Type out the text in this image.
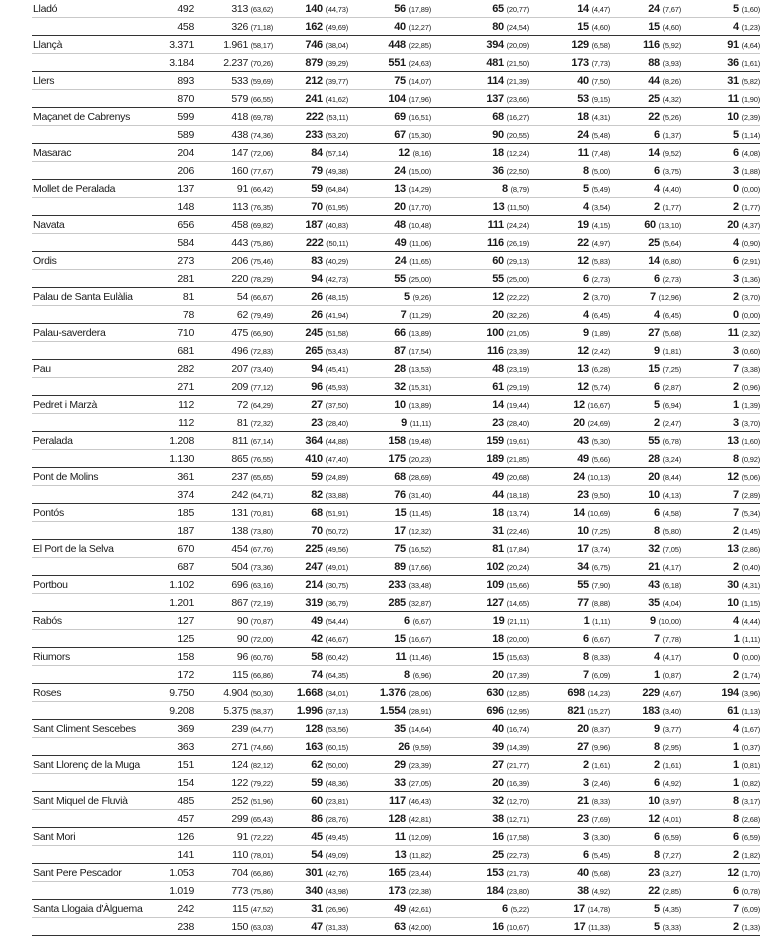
Lladó	492	313 (63,62)	140 (44,73)	56 (17,89)	65 (20,77)	14 (4,47)	24 (7,67)	5 (1,60)
	458	326 (71,18)	162 (49,69)	40 (12,27)	80 (24,54)	15 (4,60)	15 (4,60)	4 (1,23)
Llançà	3.371	1.961 (58,17)	746 (38,04)	448 (22,85)	394 (20,09)	129 (6,58)	116 (5,92)	91 (4,64)
	3.184	2.237 (70,26)	879 (39,29)	551 (24,63)	481 (21,50)	173 (7,73)	88 (3,93)	36 (1,61)
Llers	893	533 (59,69)	212 (39,77)	75 (14,07)	114 (21,39)	40 (7,50)	44 (8,26)	31 (5,82)
	870	579 (66,55)	241 (41,62)	104 (17,96)	137 (23,66)	53 (9,15)	25 (4,32)	11 (1,90)
Maçanet de Cabrenys	599	418 (69,78)	222 (53,11)	69 (16,51)	68 (16,27)	18 (4,31)	22 (5,26)	10 (2,39)
	589	438 (74,36)	233 (53,20)	67 (15,30)	90 (20,55)	24 (5,48)	6 (1,37)	5 (1,14)
Masarac	204	147 (72,06)	84 (57,14)	12 (8,16)	18 (12,24)	11 (7,48)	14 (9,52)	6 (4,08)
	206	160 (77,67)	79 (49,38)	24 (15,00)	36 (22,50)	8 (5,00)	6 (3,75)	3 (1,88)
Mollet de Peralada	137	91 (66,42)	59 (64,84)	13 (14,29)	8 (8,79)	5 (5,49)	4 (4,40)	0 (0,00)
	148	113 (76,35)	70 (61,95)	20 (17,70)	13 (11,50)	4 (3,54)	2 (1,77)	2 (1,77)
Navata	656	458 (69,82)	187 (40,83)	48 (10,48)	111 (24,24)	19 (4,15)	60 (13,10)	20 (4,37)
	584	443 (75,86)	222 (50,11)	49 (11,06)	116 (26,19)	22 (4,97)	25 (5,64)	4 (0,90)
Ordis	273	206 (75,46)	83 (40,29)	24 (11,65)	60 (29,13)	12 (5,83)	14 (6,80)	6 (2,91)
	281	220 (78,29)	94 (42,73)	55 (25,00)	55 (25,00)	6 (2,73)	6 (2,73)	3 (1,36)
Palau de Santa Eulàlia	81	54 (66,67)	26 (48,15)	5 (9,26)	12 (22,22)	2 (3,70)	7 (12,96)	2 (3,70)
	78	62 (79,49)	26 (41,94)	7 (11,29)	20 (32,26)	4 (6,45)	4 (6,45)	0 (0,00)
Palau-saverdera	710	475 (66,90)	245 (51,58)	66 (13,89)	100 (21,05)	9 (1,89)	27 (5,68)	11 (2,32)
	681	496 (72,83)	265 (53,43)	87 (17,54)	116 (23,39)	12 (2,42)	9 (1,81)	3 (0,60)
Pau	282	207 (73,40)	94 (45,41)	28 (13,53)	48 (23,19)	13 (6,28)	15 (7,25)	7 (3,38)
	271	209 (77,12)	96 (45,93)	32 (15,31)	61 (29,19)	12 (5,74)	6 (2,87)	2 (0,96)
Pedret i Marzà	112	72 (64,29)	27 (37,50)	10 (13,89)	14 (19,44)	12 (16,67)	5 (6,94)	1 (1,39)
	112	81 (72,32)	23 (28,40)	9 (11,11)	23 (28,40)	20 (24,69)	2 (2,47)	3 (3,70)
Peralada	1.208	811 (67,14)	364 (44,88)	158 (19,48)	159 (19,61)	43 (5,30)	55 (6,78)	13 (1,60)
	1.130	865 (76,55)	410 (47,40)	175 (20,23)	189 (21,85)	49 (5,66)	28 (3,24)	8 (0,92)
Pont de Molins	361	237 (65,65)	59 (24,89)	68 (28,69)	49 (20,68)	24 (10,13)	20 (8,44)	12 (5,06)
	374	242 (64,71)	82 (33,88)	76 (31,40)	44 (18,18)	23 (9,50)	10 (4,13)	7 (2,89)
Pontós	185	131 (70,81)	68 (51,91)	15 (11,45)	18 (13,74)	14 (10,69)	6 (4,58)	7 (5,34)
	187	138 (73,80)	70 (50,72)	17 (12,32)	31 (22,46)	10 (7,25)	8 (5,80)	2 (1,45)
El Port de la Selva	670	454 (67,76)	225 (49,56)	75 (16,52)	81 (17,84)	17 (3,74)	32 (7,05)	13 (2,86)
	687	504 (73,36)	247 (49,01)	89 (17,66)	102 (20,24)	34 (6,75)	21 (4,17)	2 (0,40)
Portbou	1.102	696 (63,16)	214 (30,75)	233 (33,48)	109 (15,66)	55 (7,90)	43 (6,18)	30 (4,31)
	1.201	867 (72,19)	319 (36,79)	285 (32,87)	127 (14,65)	77 (8,88)	35 (4,04)	10 (1,15)
Rabós	127	90 (70,87)	49 (54,44)	6 (6,67)	19 (21,11)	1 (1,11)	9 (10,00)	4 (4,44)
	125	90 (72,00)	42 (46,67)	15 (16,67)	18 (20,00)	6 (6,67)	7 (7,78)	1 (1,11)
Riumors	158	96 (60,76)	58 (60,42)	11 (11,46)	15 (15,63)	8 (8,33)	4 (4,17)	0 (0,00)
	172	115 (66,86)	74 (64,35)	8 (6,96)	20 (17,39)	7 (6,09)	1 (0,87)	2 (1,74)
Roses	9.750	4.904 (50,30)	1.668 (34,01)	1.376 (28,06)	630 (12,85)	698 (14,23)	229 (4,67)	194 (3,96)
	9.208	5.375 (58,37)	1.996 (37,13)	1.554 (28,91)	696 (12,95)	821 (15,27)	183 (3,40)	61 (1,13)
Sant Climent Sescebes	369	239 (64,77)	128 (53,56)	35 (14,64)	40 (16,74)	20 (8,37)	9 (3,77)	4 (1,67)
	363	271 (74,66)	163 (60,15)	26 (9,59)	39 (14,39)	27 (9,96)	8 (2,95)	1 (0,37)
Sant Llorenç de la Muga	151	124 (82,12)	62 (50,00)	29 (23,39)	27 (21,77)	2 (1,61)	2 (1,61)	1 (0,81)
	154	122 (79,22)	59 (48,36)	33 (27,05)	20 (16,39)	3 (2,46)	6 (4,92)	1 (0,82)
Sant Miquel de Fluvià	485	252 (51,96)	60 (23,81)	117 (46,43)	32 (12,70)	21 (8,33)	10 (3,97)	8 (3,17)
	457	299 (65,43)	86 (28,76)	128 (42,81)	38 (12,71)	23 (7,69)	12 (4,01)	8 (2,68)
Sant Mori	126	91 (72,22)	45 (49,45)	11 (12,09)	16 (17,58)	3 (3,30)	6 (6,59)	6 (6,59)
	141	110 (78,01)	54 (49,09)	13 (11,82)	25 (22,73)	6 (5,45)	8 (7,27)	2 (1,82)
Sant Pere Pescador	1.053	704 (66,86)	301 (42,76)	165 (23,44)	153 (21,73)	40 (5,68)	23 (3,27)	12 (1,70)
	1.019	773 (75,86)	340 (43,98)	173 (22,38)	184 (23,80)	38 (4,92)	22 (2,85)	6 (0,78)
Santa Llogaia d'Àlguema	242	115 (47,52)	31 (26,96)	49 (42,61)	6 (5,22)	17 (14,78)	5 (4,35)	7 (6,09)
	238	150 (63,03)	47 (31,33)	63 (42,00)	16 (10,67)	17 (11,33)	5 (3,33)	2 (1,33)
